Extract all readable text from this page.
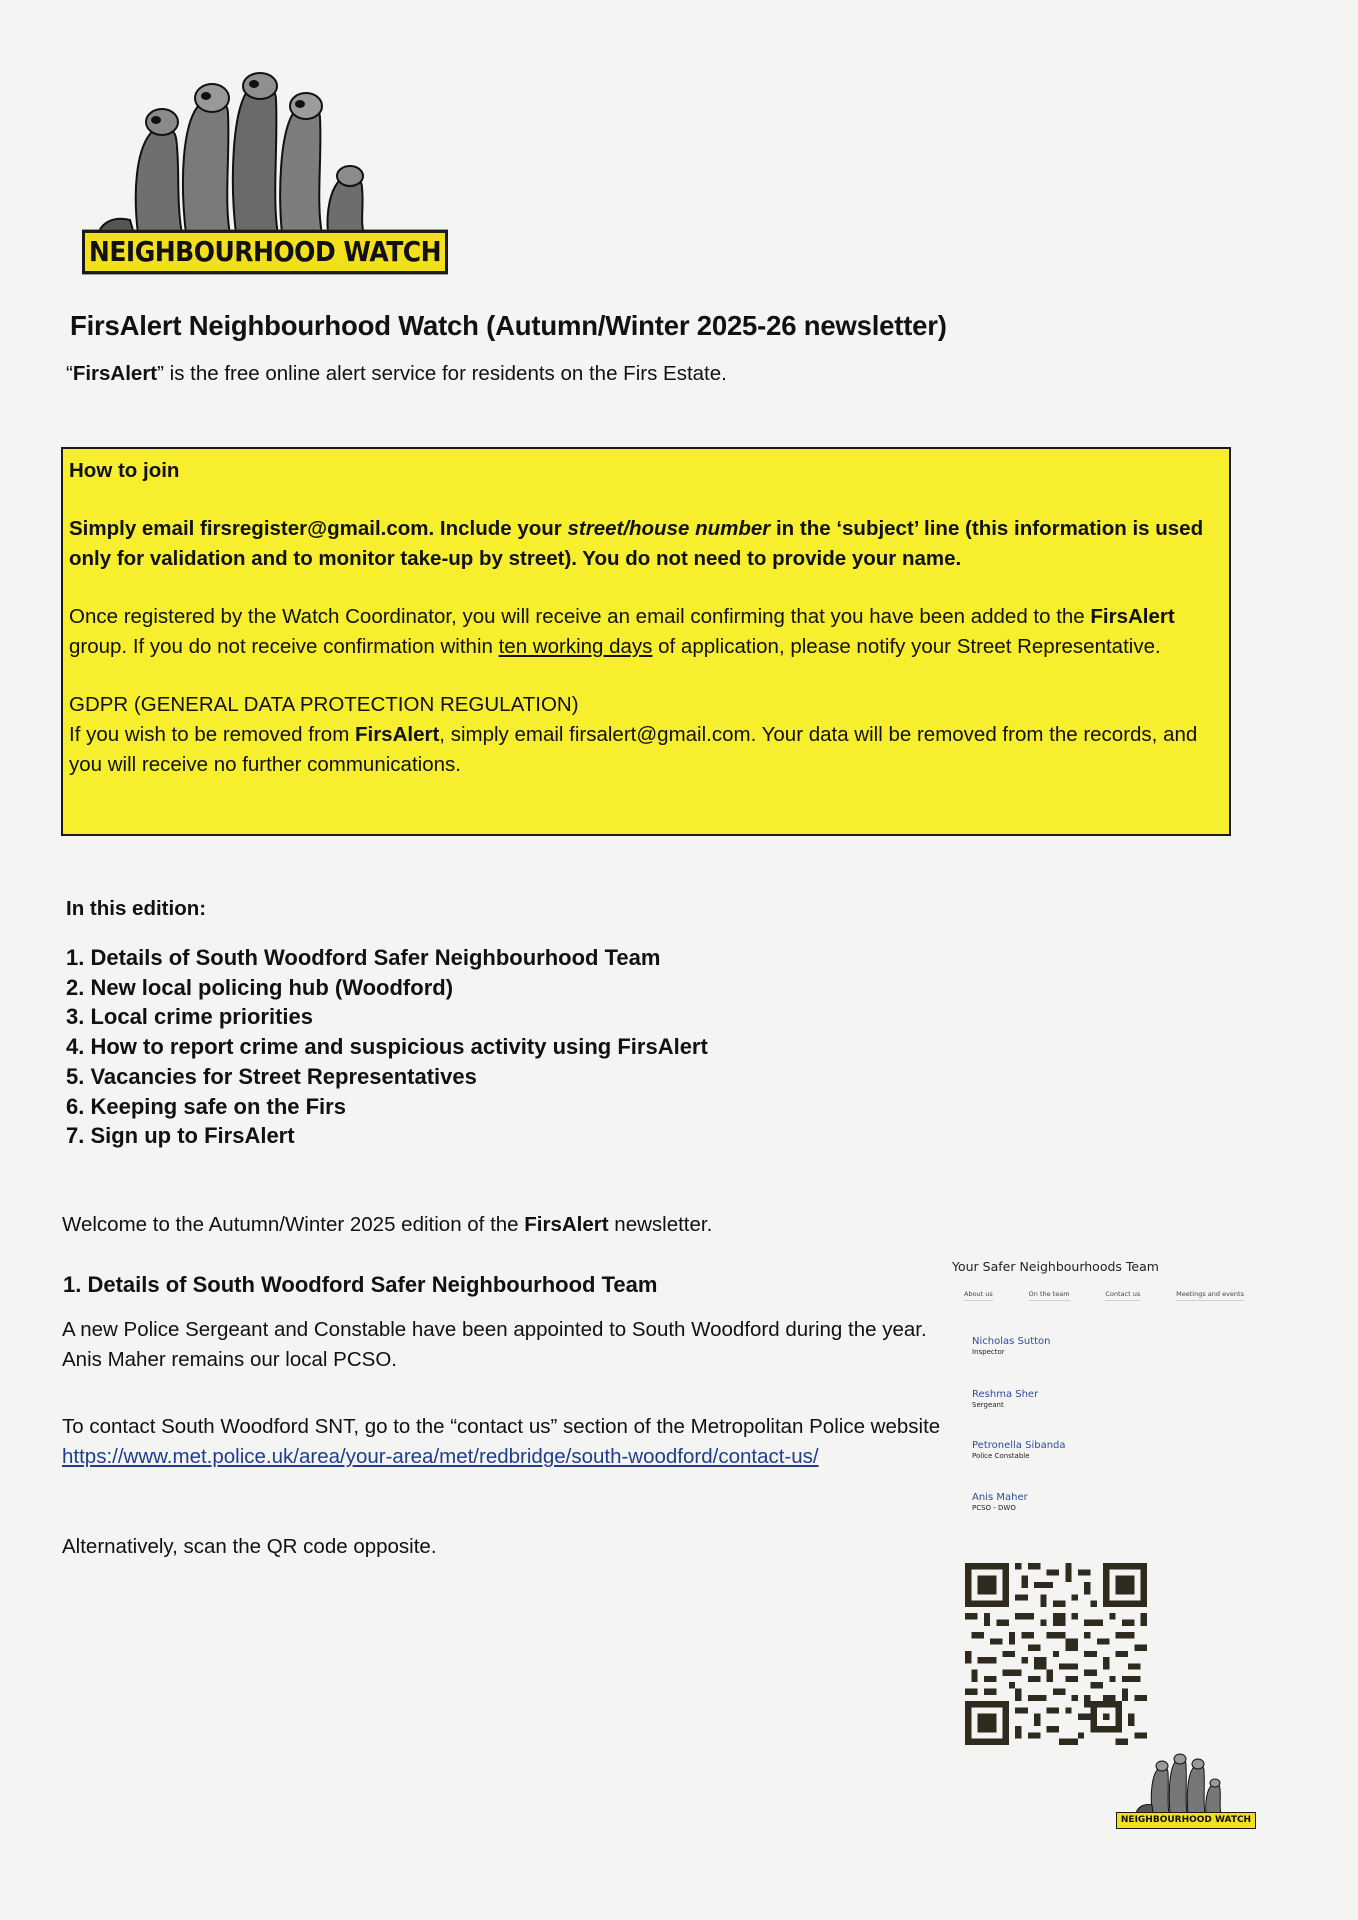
NEIGHBOURHOOD WATCH
FirsAlert Neighbourhood Watch (Autumn/Winter 2025-26 newsletter)
“FirsAlert” is the free online alert service for residents on the Firs Estate.

How to join

Simply email firsregister@gmail.com. Include your street/house number in the ‘subject’ line (this information is used only for validation and to monitor take-up by street). You do not need to provide your name.

Once registered by the Watch Coordinator, you will receive an email confirming that you have been added to the FirsAlert group. If you do not receive confirmation within ten working days of application, please notify your Street Representative.

GDPR (GENERAL DATA PROTECTION REGULATION)

If you wish to be removed from FirsAlert, simply email firsalert@gmail.com. Your data will be removed from the records, and you will receive no further communications.

In this edition:
1. Details of South Woodford Safer Neighbourhood Team
2. New local policing hub (Woodford)
3. Local crime priorities
4. How to report crime and suspicious activity using FirsAlert
5. Vacancies for Street Representatives
6. Keeping safe on the Firs
7. Sign up to FirsAlert
Welcome to the Autumn/Winter 2025 edition of the FirsAlert newsletter.
1. Details of South Woodford Safer Neighbourhood Team
A new Police Sergeant and Constable have been appointed to South Woodford during the year. Anis Maher remains our local PCSO.
To contact South Woodford SNT, go to the “contact us” section of the Metropolitan Police website https://www.met.police.uk/area/your-area/met/redbridge/south-woodford/contact-us/
Alternatively, scan the QR code opposite.
Your Safer Neighbourhoods Team
About us	On the team	Contact us	Meetings and events
Nicholas Sutton
Inspector
Reshma Sher
Sergeant
Petronella Sibanda
Police Constable
Anis Maher
PCSO - DWO
NEIGHBOURHOOD WATCH
